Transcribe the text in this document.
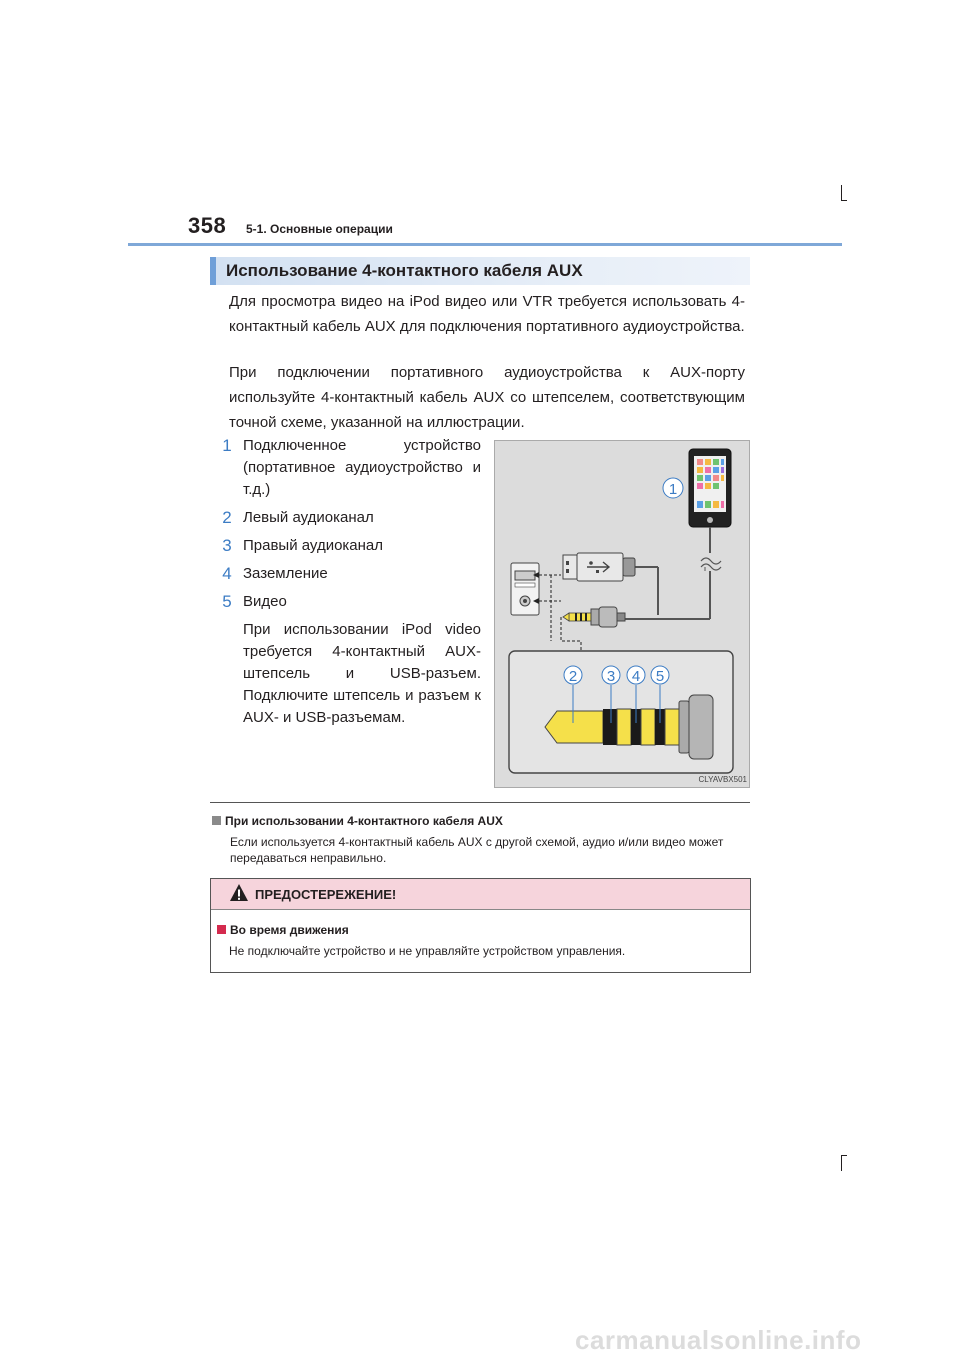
358 5-1. Основные операции
Использование 4-контактного кабеля AUX
Для просмотра видео на iPod видео или VTR требуется использовать 4-контактный кабель AUX для подключения портативного аудиоустройства.
При подключении портативного аудиоустройства к AUX-порту используйте 4-контактный кабель AUX со штепселем, соответствующим точной схеме, указанной на иллюстрации.
1 Подключенное устройство (портативное аудиоустройство и т.д.)
2 Левый аудиоканал
3 Правый аудиоканал
4 Заземление
5 Видео
При использовании iPod video требуется 4-контактный AUX-штепсель и USB-разъем. Подключите штепсель и разъем к AUX- и USB-разъемам.
1
2 3 4 5
CLYAVBX501
При использовании 4-контактного кабеля AUX
Если используется 4-контактный кабель AUX с другой схемой, аудио и/или видео может передаваться неправильно.
ПРЕДОСТЕРЕЖЕНИЕ!
Во время движения
Не подключайте устройство и не управляйте устройством управления.
carmanualsonline.info
